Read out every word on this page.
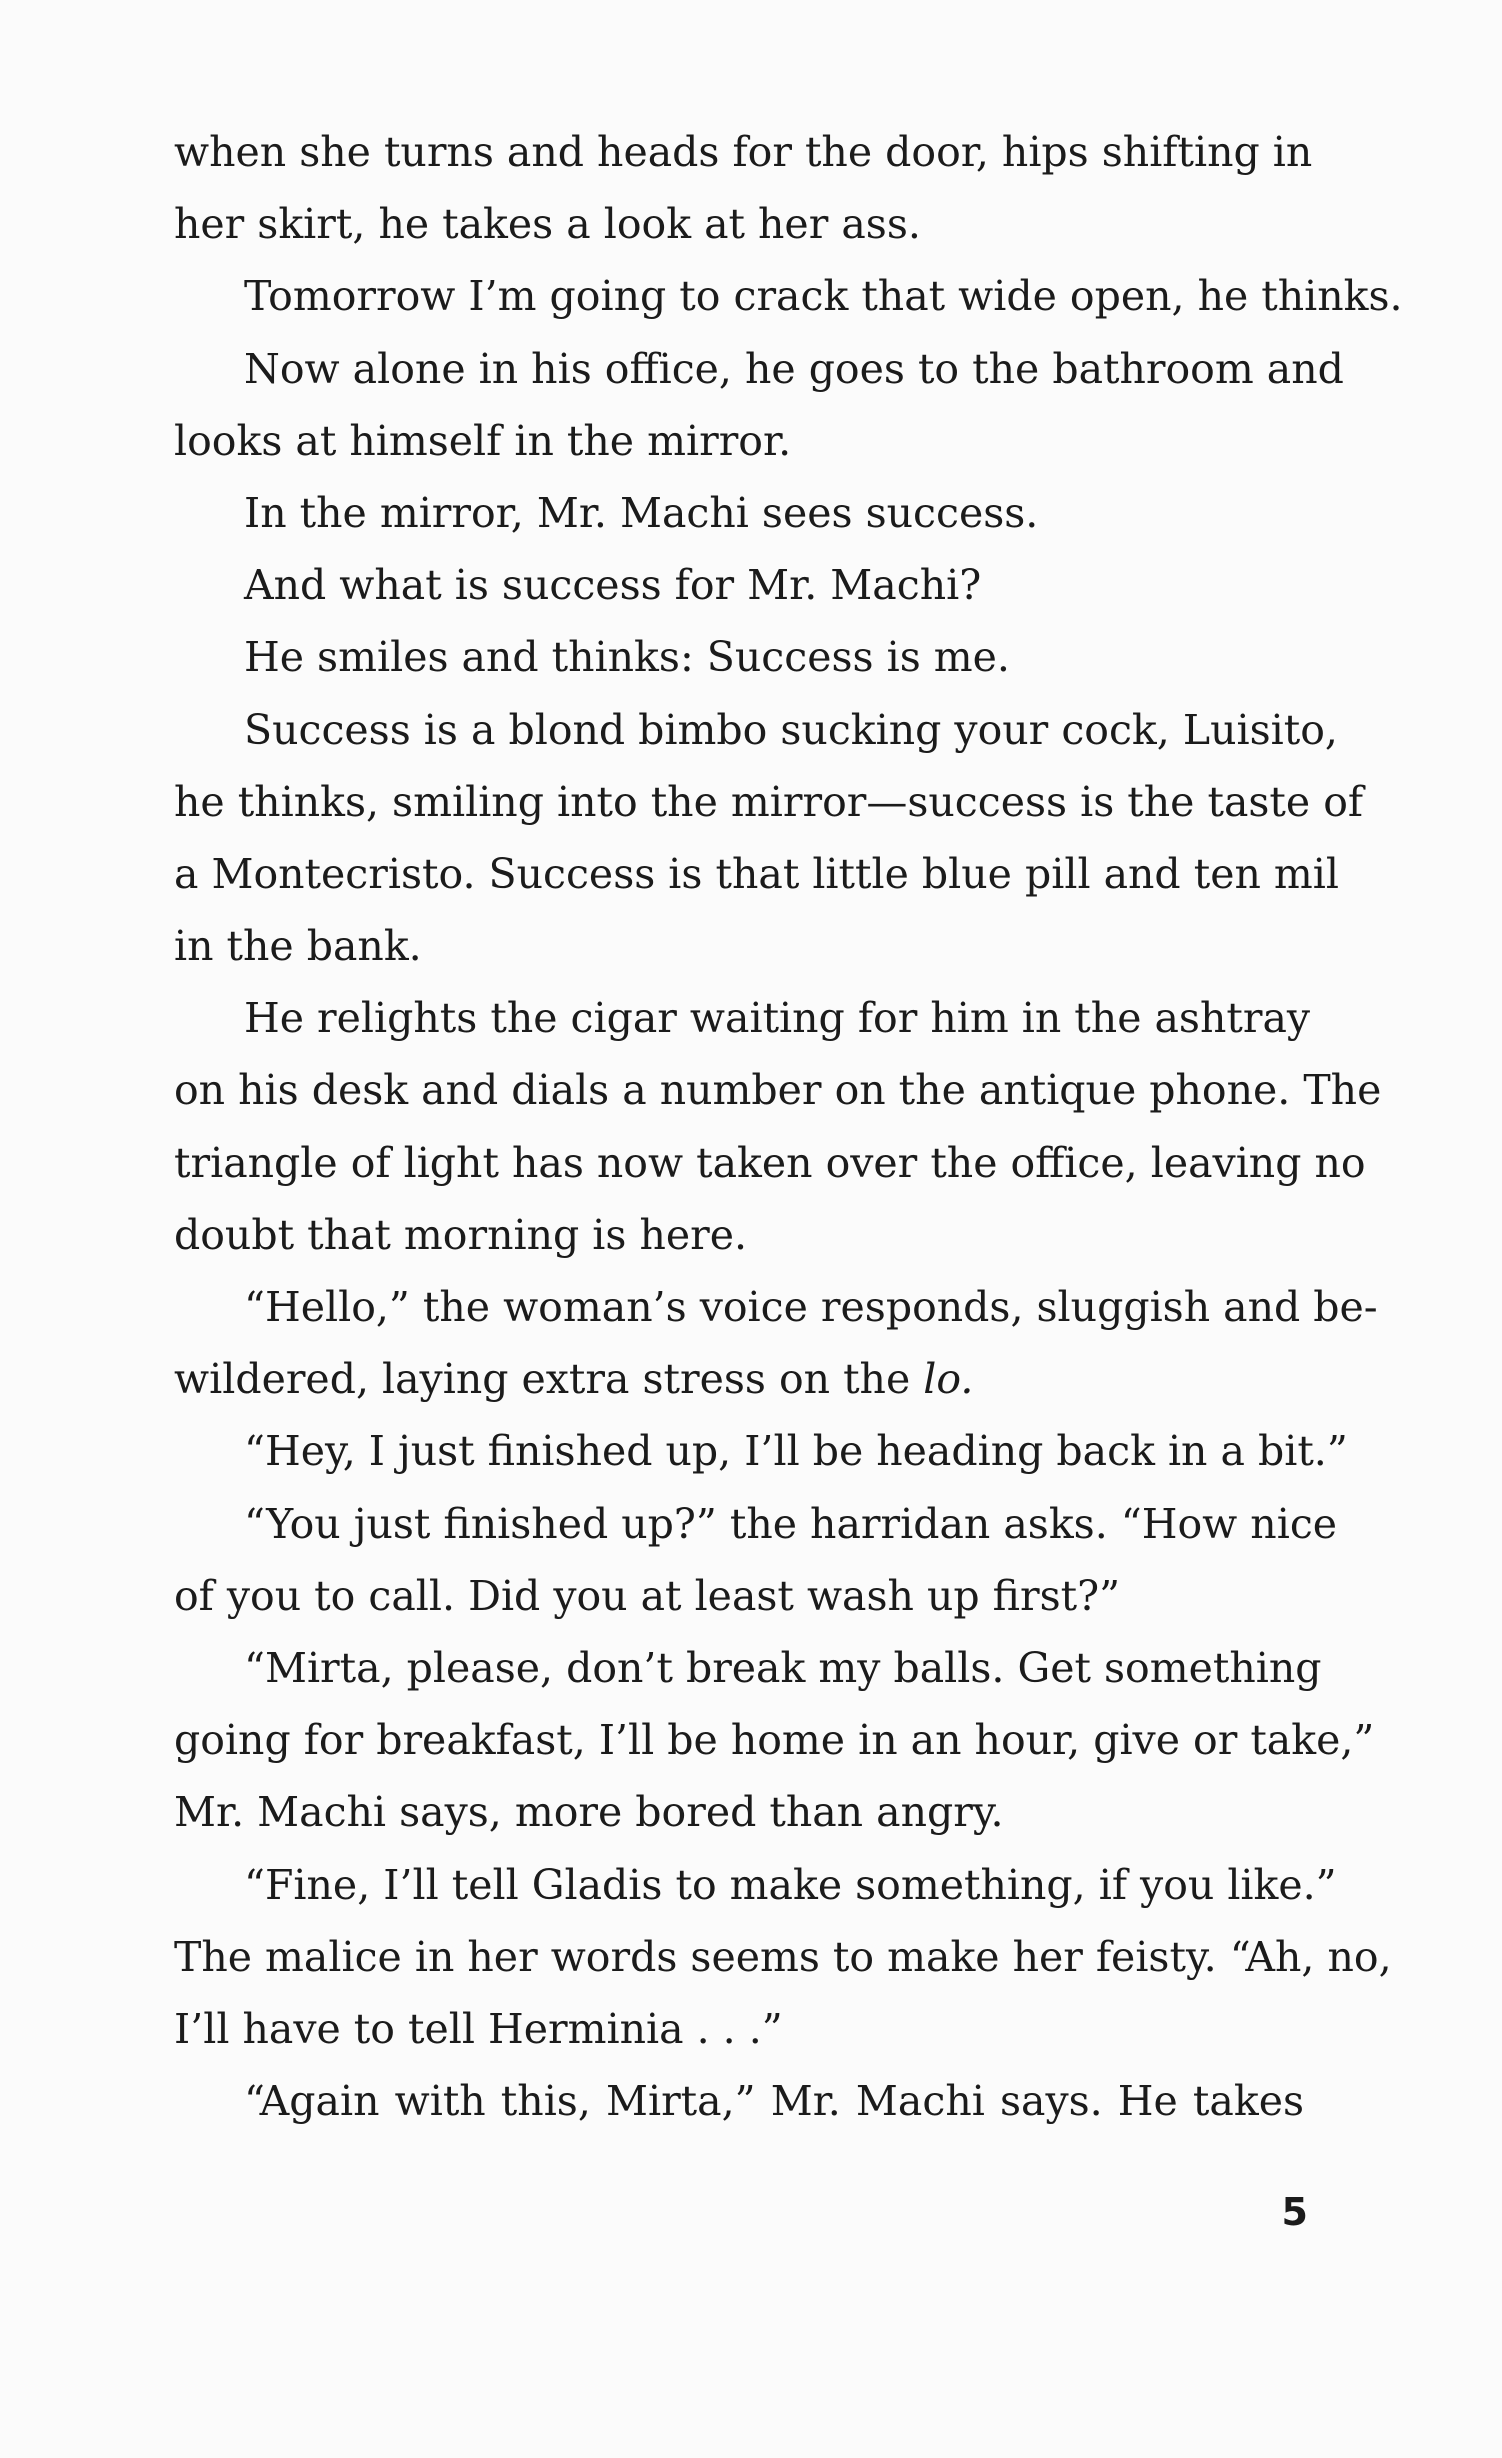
when she turns and heads for the door, hips shifting in
her skirt, he takes a look at her ass.
Tomorrow I’m going to crack that wide open, he thinks.
Now alone in his office, he goes to the bathroom and
looks at himself in the mirror.
In the mirror, Mr. Machi sees success.
And what is success for Mr. Machi?
He smiles and thinks: Success is me.
Success is a blond bimbo sucking your cock, Luisito,
he thinks, smiling into the mirror—success is the taste of
a Montecristo. Success is that little blue pill and ten mil
in the bank.
He relights the cigar waiting for him in the ashtray
on his desk and dials a number on the antique phone. The
triangle of light has now taken over the office, leaving no
doubt that morning is here.
“Hello,” the woman’s voice responds, sluggish and be-
wildered, laying extra stress on the lo.
“Hey, I just finished up, I’ll be heading back in a bit.”
“You just finished up?” the harridan asks. “How nice
of you to call. Did you at least wash up first?”
“Mirta, please, don’t break my balls. Get something
going for breakfast, I’ll be home in an hour, give or take,”
Mr. Machi says, more bored than angry.
“Fine, I’ll tell Gladis to make something, if you like.”
The malice in her words seems to make her feisty. “Ah, no,
I’ll have to tell Herminia . . .”
“Again with this, Mirta,” Mr. Machi says. He takes
5
